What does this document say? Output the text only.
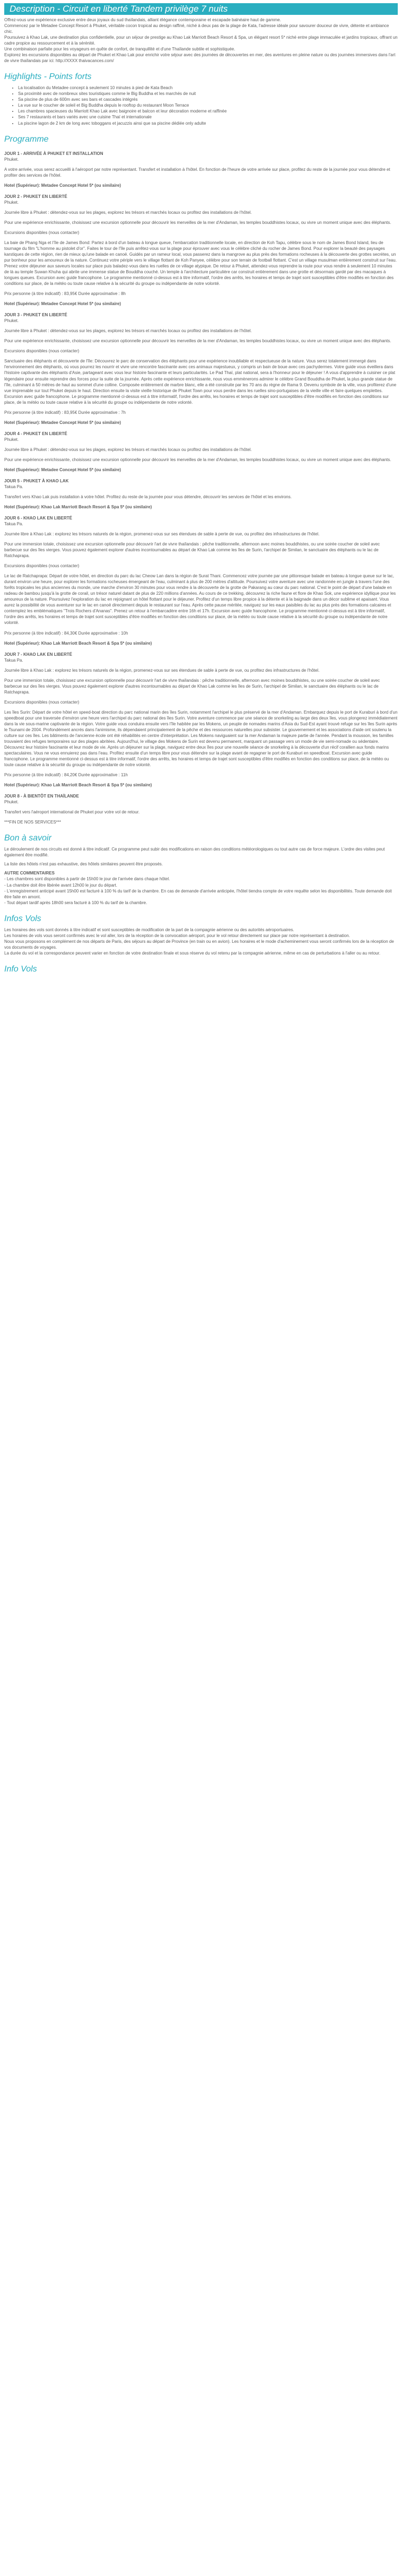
Description - Circuit en liberté Tandem privilège 7 nuits

Offrez-vous une expérience exclusive entre deux joyaux du sud thaïlandais, alliant élégance contemporaine et escapade balnéaire haut de gamme.

Commencez par le Metadee Concept Resort à Phuket, véritable cocon tropical au design raffiné, niché à deux pas de la plage de Kata, l'adresse idéale pour savourer douceur de vivre, détente et ambiance chic.

Poursuivez à Khao Lak, une destination plus confidentielle, pour un séjour de prestige au Khao Lak Marriott Beach Resort & Spa, un élégant resort 5* niché entre plage immaculée et jardins tropicaux, offrant un cadre propice au ressourcement et à la sérénité.

Une combinaison parfaite pour les voyageurs en quête de confort, de tranquillité et d'une Thaïlande subtile et sophistiquée.

Explorez les excursions disponibles au départ de Phuket et Khao Lak pour enrichir votre séjour avec des journées de découvertes en mer, des aventures en pleine nature ou des journées immersives dans l'art de vivre thaïlandais par ici: http://XXXX thaivacances.com/

Highlights - Points forts
• La localisation du Metadee concept à seulement 10 minutes à pied de Kata Beach
• Sa proximité avec de nombreux sites touristiques comme le Big Buddha et les marchés de nuit
• Sa piscine de plus de 600m avec ses bars et cascades intégrés
• La vue sur le coucher de soleil et Big Buddha depuis le rooftop du restaurant Moon Terrace
• Les chambres spacieuses du Marriott Khao Lak avec baignoire et balcon et leur décoration moderne et raffinée
• Ses 7 restaurants et bars variés avec une cuisine Thaï et internationale
• La piscine lagon de 2 km de long avec toboggans et jacuzzis ainsi que sa piscine dédiée only adulte
Programme
JOUR 1 - ARRIVÉE À PHUKET ET INSTALLATION

Phuket.

A votre arrivée, vous serez accueilli à l'aéroport par notre représentant. Transfert et installation à l'hôtel. En fonction de l'heure de votre arrivée sur place, profitez du reste de la journée pour vous détendre et profiter des services de l'hôtel.

Hotel (Supérieur): Metadee Concept Hotel 5* (ou similaire)

JOUR 2 - PHUKET EN LIBERTÉ

Phuket.

Journée libre à Phuket : détendez-vous sur les plages, explorez les trésors et marchés locaux ou profitez des installations de l'hôtel.

Pour une expérience enrichissante, choisissez une excursion optionnelle pour découvrir les merveilles de la mer d'Andaman, les temples bouddhistes locaux, ou vivre un moment unique avec des éléphants.

Excursions disponibles (nous contacter)

La baie de Phang Nga et l'île de James Bond: Partez à bord d'un bateau à longue queue, l'embarcation traditionnelle locale, en direction de Koh Tapu, célèbre sous le nom de James Bond Island, lieu de tournage du film "L'homme au pistolet d'or". Faites le tour de l'île puis arrêtez-vous sur la plage pour éprouver avec vous le célèbre cliché du rocher de James Bond. Pour explorer la beauté des paysages karstiques de cette région, rien de mieux qu'une balade en canoë. Guidés par un rameur local, vous passerez dans la mangrove au plus près des formations rocheuses à la découverte des grottes secrètes, un pur bonheur pour les amoureux de la nature. Continuez votre périple vers le village flottant de Koh Panyee, célèbre pour son terrain de football flottant. C'est un village musulman entièrement construit sur l'eau. Prenez votre déjeuner aux saveurs locales sur place puis baladez-vous dans les ruelles de ce village atypique. De retour à Phuket, attendez-vous reprendre la route pour vous rendre à seulement 10 minutes de là au temple Suwan Khuha qui abrite une immense statue de Bouddha couché. Un temple à l'architecture particulière car construit entièrement dans une grotte et désormais gardé par des macaques à longues queues. Excursion avec guide francophone. Le programme mentionné ci-dessus est à titre informatif, l'ordre des arrêts, les horaires et temps de trajet sont susceptibles d'être modifiés en fonction des conditions sur place, de la météo ou toute cause relative à la sécurité du groupe ou indépendante de notre volonté.

Prix personne (à titre indicatif) : 83,95€ Durée approximative : 8h

Hotel (Supérieur): Metadee Concept Hotel 5* (ou similaire)

JOUR 3 - PHUKET EN LIBERTÉ

Phuket.

Journée libre à Phuket : détendez-vous sur les plages, explorez les trésors et marchés locaux ou profitez des installations de l'hôtel.

Pour une expérience enrichissante, choisissez une excursion optionnelle pour découvrir les merveilles de la mer d'Andaman, les temples bouddhistes locaux, ou vivre un moment unique avec des éléphants.

Excursions disponibles (nous contacter)

Sanctuaire des éléphants et découverte de l'île: Découvrez le parc de conservation des éléphants pour une expérience inoubliable et respectueuse de la nature. Vous serez totalement immergé dans l'environnement des éléphants, où vous pourrez les nourrir et vivre une rencontre fascinante avec ces animaux majestueux, y compris un bain de boue avec ces pachydermes. Votre guide vous éveillera dans l'histoire captivante des éléphants d'Asie, partageant avec vous leur histoire fascinante et leurs particularités. Le Pad Thaï, plat national, sera à l'honneur pour le déjeuner ! A vous d'apprendre à cuisiner ce plat légendaire pour ensuite reprendre des forces pour la suite de la journée. Après cette expérience enrichissante, nous vous emmènerons admirer le célèbre Grand Bouddha de Phuket, la plus grande statue de l'île, culminant à 50 mètres de haut au sommet d'une colline. Composée entièrement de marbre blanc, elle a été construite par les 70 ans du règne de Rama 9. Devenu symbole de la ville, vous profiterez d'une vue imprenable sur tout Phuket depuis le haut. Direction ensuite la visite vieille historique de Phuket Town pour vous perdre dans les ruelles sino-portugaises de la vieille ville et faire quelques emplettes. Excursion avec guide francophone. Le programme mentionné ci-dessus est à titre informatif, l'ordre des arrêts, les horaires et temps de trajet sont susceptibles d'être modifiés en fonction des conditions sur place, de la météo ou toute cause relative à la sécurité du groupe ou indépendante de notre volonté.

Prix personne (à titre indicatif) : 83,95€ Durée approximative : 7h

Hotel (Supérieur): Metadee Concept Hotel 5* (ou similaire)

JOUR 4 - PHUKET EN LIBERTÉ

Phuket.

Journée libre à Phuket : détendez-vous sur les plages, explorez les trésors et marchés locaux ou profitez des installations de l'hôtel.

Pour une expérience enrichissante, choisissez une excursion optionnelle pour découvrir les merveilles de la mer d'Andaman, les temples bouddhistes locaux, ou vivre un moment unique avec des éléphants.

Hotel (Supérieur): Metadee Concept Hotel 5* (ou similaire)

JOUR 5 - PHUKET À KHAO LAK

Takua Pa.

Transfert vers Khao Lak puis installation à votre hôtel. Profitez du reste de la journée pour vous détendre, découvrir les services de l'hôtel et les environs.

Hotel (Supérieur): Khao Lak Marriott Beach Resort & Spa 5* (ou similaire)

JOUR 6 - KHAO LAK EN LIBERTÉ

Takua Pa.

Journée libre à Khao Lak : explorez les trésors naturels de la région, promenez-vous sur ses étendues de sable à perte de vue, ou profitez des infrastructures de l'hôtel.

Pour une immersion totale, choisissez une excursion optionnelle pour découvrir l'art de vivre thaïlandais : pêche traditionnelle, afternoon avec moines bouddhistes, ou une soirée coucher de soleil avec barbecue sur des îles vierges. Vous pouvez également explorer d'autres incontournables au départ de Khao Lak comme les îles de Surin, l'archipel de Similan, le sanctuaire des éléphants ou le lac de Ratchaprapa.

Excursions disponibles (nous contacter)

Le lac de Ratchaprapa: Départ de votre hôtel, en direction du parc du lac Cheow Lan dans la région de Surat Thani. Commencez votre journée par une pittoresque balade en bateau à longue queue sur le lac, durant environ une heure, pour explorer les formations rocheuses émergeant de l'eau, culminant à plus de 200 mètres d'altitude. Poursuivez votre aventure avec une randonnée en jungle à travers l'une des forêts tropicales les plus anciennes du monde, une marche d'environ 30 minutes pour vous rendre à la découverte de la grotte de Pakarang au cœur du parc national. C'est le point de départ d'une balade en radeau de bambou jusqu'à la grotte de corail, un trésor naturel datant de plus de 220 millions d'années. Au cours de ce trekking, découvrez la riche faune et flore de Khao Sok, une expérience idyllique pour les amoureux de la nature. Poursuivez l'exploration du lac en rejoignant un hôtel flottant pour le déjeuner. Profitez d'un temps libre propice à la détente et à la baignade dans un décor sublime et apaisant. Vous aurez la possibilité de vous aventurer sur le lac en canoë directement depuis le restaurant sur l'eau. Après cette pause méritée, naviguez sur les eaux paisibles du lac au plus près des formations calcaires et contemplez les emblématiques "Trois Rochers d'Ananas". Prenez un retour à l'embarcadère entre 16h et 17h. Excursion avec guide francophone. Le programme mentionné ci-dessus est à titre informatif, l'ordre des arrêts, les horaires et temps de trajet sont susceptibles d'être modifiés en fonction des conditions sur place, de la météo ou toute cause relative à la sécurité du groupe ou indépendante de notre volonté.

Prix personne (à titre indicatif) : 84,30€ Durée approximative : 10h

Hotel (Supérieur): Khao Lak Marriott Beach Resort & Spa 5* (ou similaire)

JOUR 7 - KHAO LAK EN LIBERTÉ

Takua Pa.

Journée libre à Khao Lak : explorez les trésors naturels de la région, promenez-vous sur ses étendues de sable à perte de vue, ou profitez des infrastructures de l'hôtel.

Pour une immersion totale, choisissez une excursion optionnelle pour découvrir l'art de vivre thaïlandais : pêche traditionnelle, afternoon avec moines bouddhistes, ou une soirée coucher de soleil avec barbecue sur des îles vierges. Vous pouvez également explorer d'autres incontournables au départ de Khao Lak comme les îles de Surin, l'archipel de Similan, le sanctuaire des éléphants ou le lac de Ratchaprapa.

Excursions disponibles (nous contacter)

Les îles Surin: Départ de votre hôtel en speed-boat direction du parc national marin des îles Surin, notamment l'archipel le plus préservé de la mer d'Andaman. Embarquez depuis le port de Kuraburi à bord d'un speedboat pour une traversée d'environ une heure vers l'archipel du parc national des îles Surin. Votre aventure commence par une séance de snorkeling au large des deux îles, vous plongerez immédiatement dans la vie sous-marine captivante de la région. Votre guide vous conduira ensuite vers l'île habitée par les Mokens, un peuple de nomades marins d'Asia du Sud-Est ayant trouvé refuge sur les îles Surin après le Tsunami de 2004. Profondément ancrés dans l'animisme, ils dépendaient principalement de la pêche et des ressources naturelles pour subsister. Le gouvernement et les associations d'aide ont soutenu la culture sur ces îles. Les bâtiments de l'ancienne école ont été réhabilités en centre d'interprétation. Les Mokens naviguaient sur la mer Andaman la majeure partie de l'année. Pendant la mousson, les familles trouvaient des refuges temporaires sur des plages abritées. Aujourd'hui, le village des Mokens de Surin est devenu permanent, marquant un passage vers un mode de vie semi-nomade ou sédentaire. Découvrez leur histoire fascinante et leur mode de vie. Après un déjeuner sur la plage, naviguez entre deux îles pour une nouvelle séance de snorkeling à la découverte d'un récif corallien aux fonds marins spectaculaires. Vous ne vous ennuierez pas dans l'eau. Profitez ensuite d'un temps libre pour vous détendre sur la plage avant de regagner le port de Kuraburi en speedboat. Excursion avec guide francophone. Le programme mentionné ci-dessus est à titre informatif, l'ordre des arrêts, les horaires et temps de trajet sont susceptibles d'être modifiés en fonction des conditions sur place, de la météo ou toute cause relative à la sécurité du groupe ou indépendante de notre volonté.

Prix personne (à titre indicatif) : 84,20€ Durée approximative : 11h

Hotel (Supérieur): Khao Lak Marriott Beach Resort & Spa 5* (ou similaire)

JOUR 8 - À BIENTÔT EN THAÏLANDE

Phuket.

Transfert vers l'aéroport international de Phuket pour votre vol de retour.

***FIN DE NOS SERVICES***

Bon à savoir

Le déroulement de nos circuits est donné à titre indicatif. Ce programme peut subir des modifications en raison des conditions météorologiques ou tout autre cas de force majeure. L'ordre des visites peut également être modifié.

La liste des hôtels n'est pas exhaustive, des hôtels similaires peuvent être proposés.

AUTRE COMMENTAIRES

- Les chambres sont disponibles à partir de 15h00 le jour de l'arrivée dans chaque hôtel.

- La chambre doit être libérée avant 12h00 le jour du départ.

- L'enregistrement anticipé avant 15h00 est facturé à 100 % du tarif de la chambre. En cas de demande d'arrivée anticipée, l'hôtel tiendra compte de votre requête selon les disponibilités. Toute demande doit être faite en amont.

- Tout départ tardif après 18h00 sera facturé à 100 % du tarif de la chambre.

Infos Vols

Les horaires des vols sont donnés à titre indicatif et sont susceptibles de modification de la part de la compagnie aérienne ou des autorités aéroportuaires.

Les horaires de vols vous seront confirmés avec le vol aller, lors de la réception de la convocation aéroport, pour le vol retour directement sur place par notre représentant à destination.

Nous vous proposons en complément de nos départs de Paris, des séjours au départ de Province (en train ou en avion). Les horaires et le mode d'acheminement vous seront confirmés lors de la réception de vos documents de voyages.

La durée du vol et la correspondance peuvent varier en fonction de votre destination finale et sous réserve du vol retenu par la compagnie aérienne, même en cas de perturbations à l'aller ou au retour.

Info Vols
